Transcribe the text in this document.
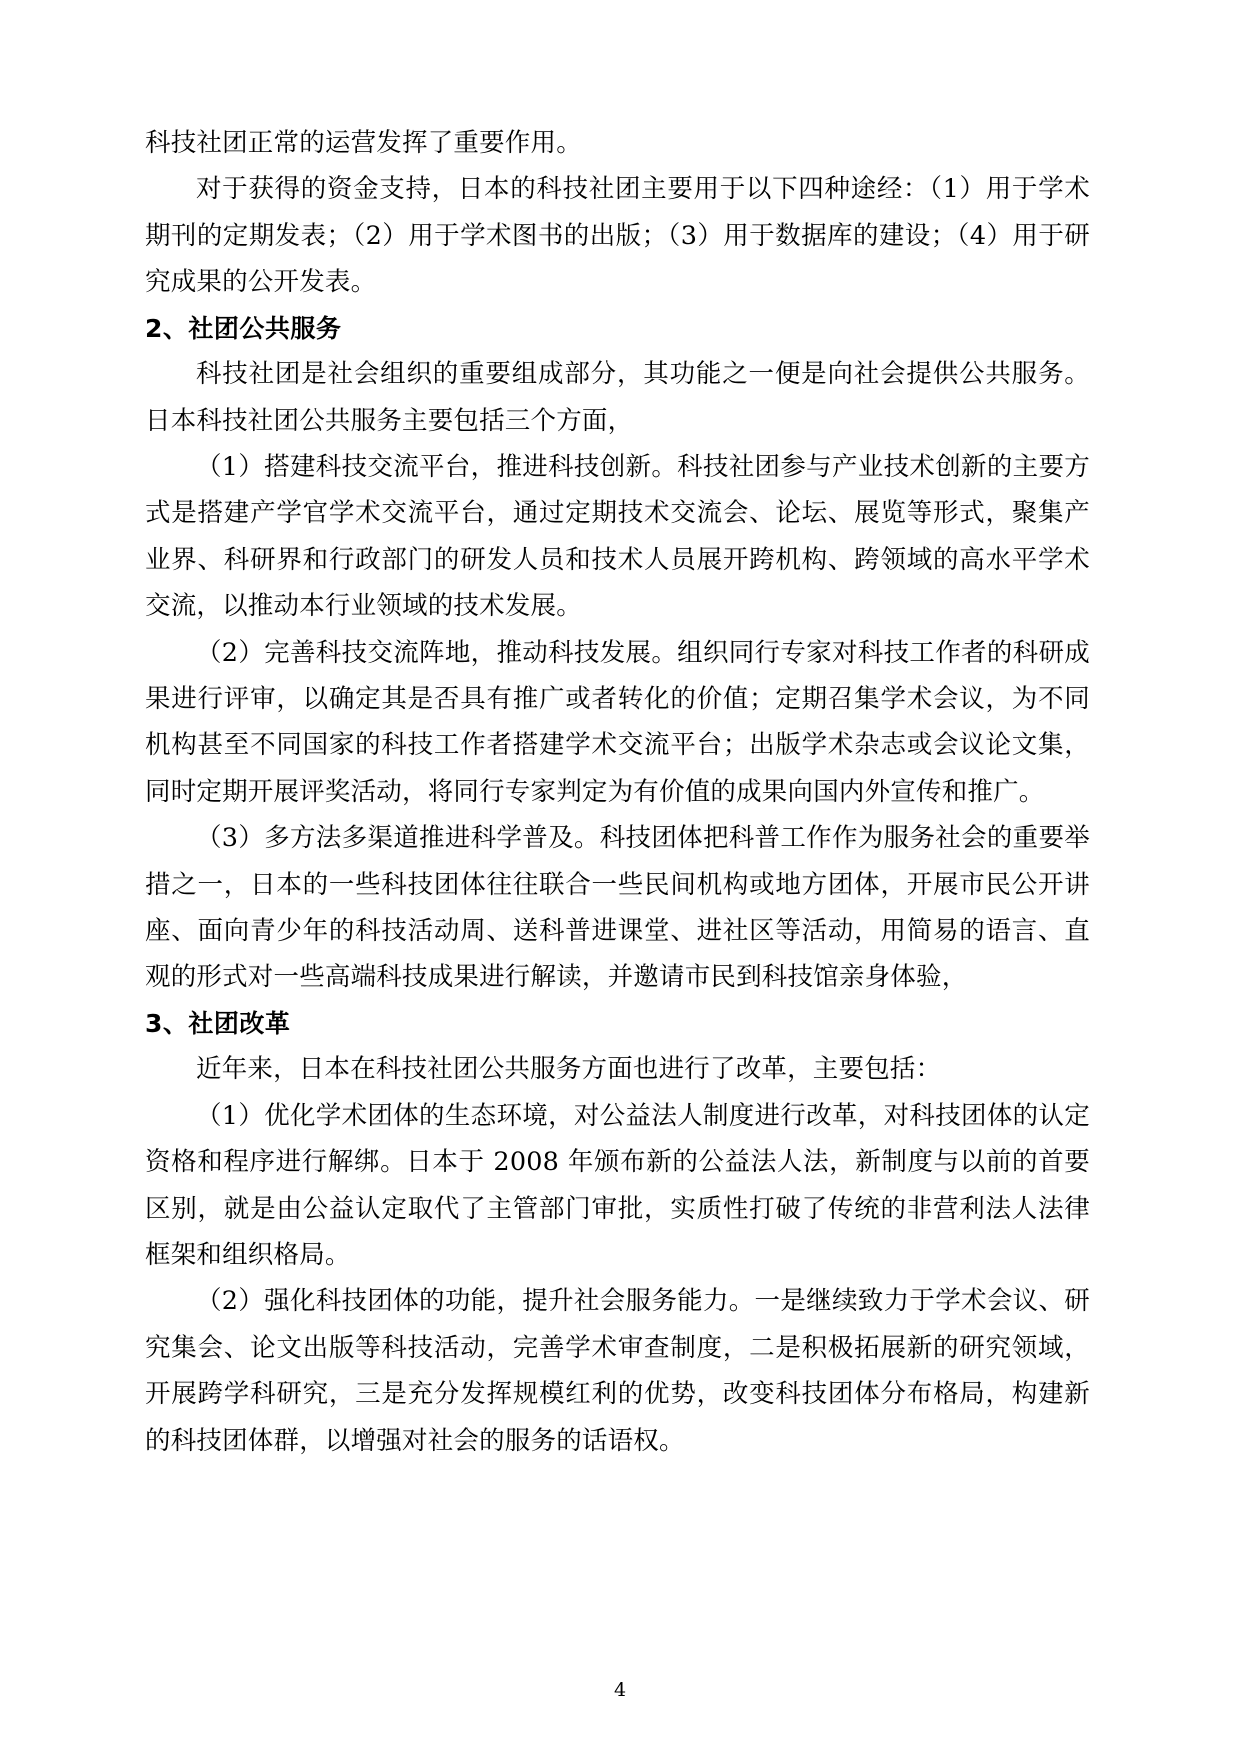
科技社团正常的运营发挥了重要作用。

对于获得的资金支持，日本的科技社团主要用于以下四种途经：（1）用于学术期刊的定期发表；（2）用于学术图书的出版；（3）用于数据库的建设；（4）用于研究成果的公开发表。

2、社团公共服务

科技社团是社会组织的重要组成部分，其功能之一便是向社会提供公共服务。日本科技社团公共服务主要包括三个方面，

（1）搭建科技交流平台，推进科技创新。科技社团参与产业技术创新的主要方式是搭建产学官学术交流平台，通过定期技术交流会、论坛、展览等形式，聚集产业界、科研界和行政部门的研发人员和技术人员展开跨机构、跨领域的高水平学术交流，以推动本行业领域的技术发展。

（2）完善科技交流阵地，推动科技发展。组织同行专家对科技工作者的科研成果进行评审，以确定其是否具有推广或者转化的价值；定期召集学术会议，为不同机构甚至不同国家的科技工作者搭建学术交流平台；出版学术杂志或会议论文集，同时定期开展评奖活动，将同行专家判定为有价值的成果向国内外宣传和推广。

（3）多方法多渠道推进科学普及。科技团体把科普工作作为服务社会的重要举措之一，日本的一些科技团体往往联合一些民间机构或地方团体，开展市民公开讲座、面向青少年的科技活动周、送科普进课堂、进社区等活动，用简易的语言、直观的形式对一些高端科技成果进行解读，并邀请市民到科技馆亲身体验，

3、社团改革

近年来，日本在科技社团公共服务方面也进行了改革，主要包括：

（1）优化学术团体的生态环境，对公益法人制度进行改革，对科技团体的认定资格和程序进行解绑。日本于 2008 年颁布新的公益法人法，新制度与以前的首要区别，就是由公益认定取代了主管部门审批，实质性打破了传统的非营利法人法律框架和组织格局。

（2）强化科技团体的功能，提升社会服务能力。一是继续致力于学术会议、研究集会、论文出版等科技活动，完善学术审查制度，二是积极拓展新的研究领域，开展跨学科研究，三是充分发挥规模红利的优势，改变科技团体分布格局，构建新的科技团体群，以增强对社会的服务的话语权。

4
